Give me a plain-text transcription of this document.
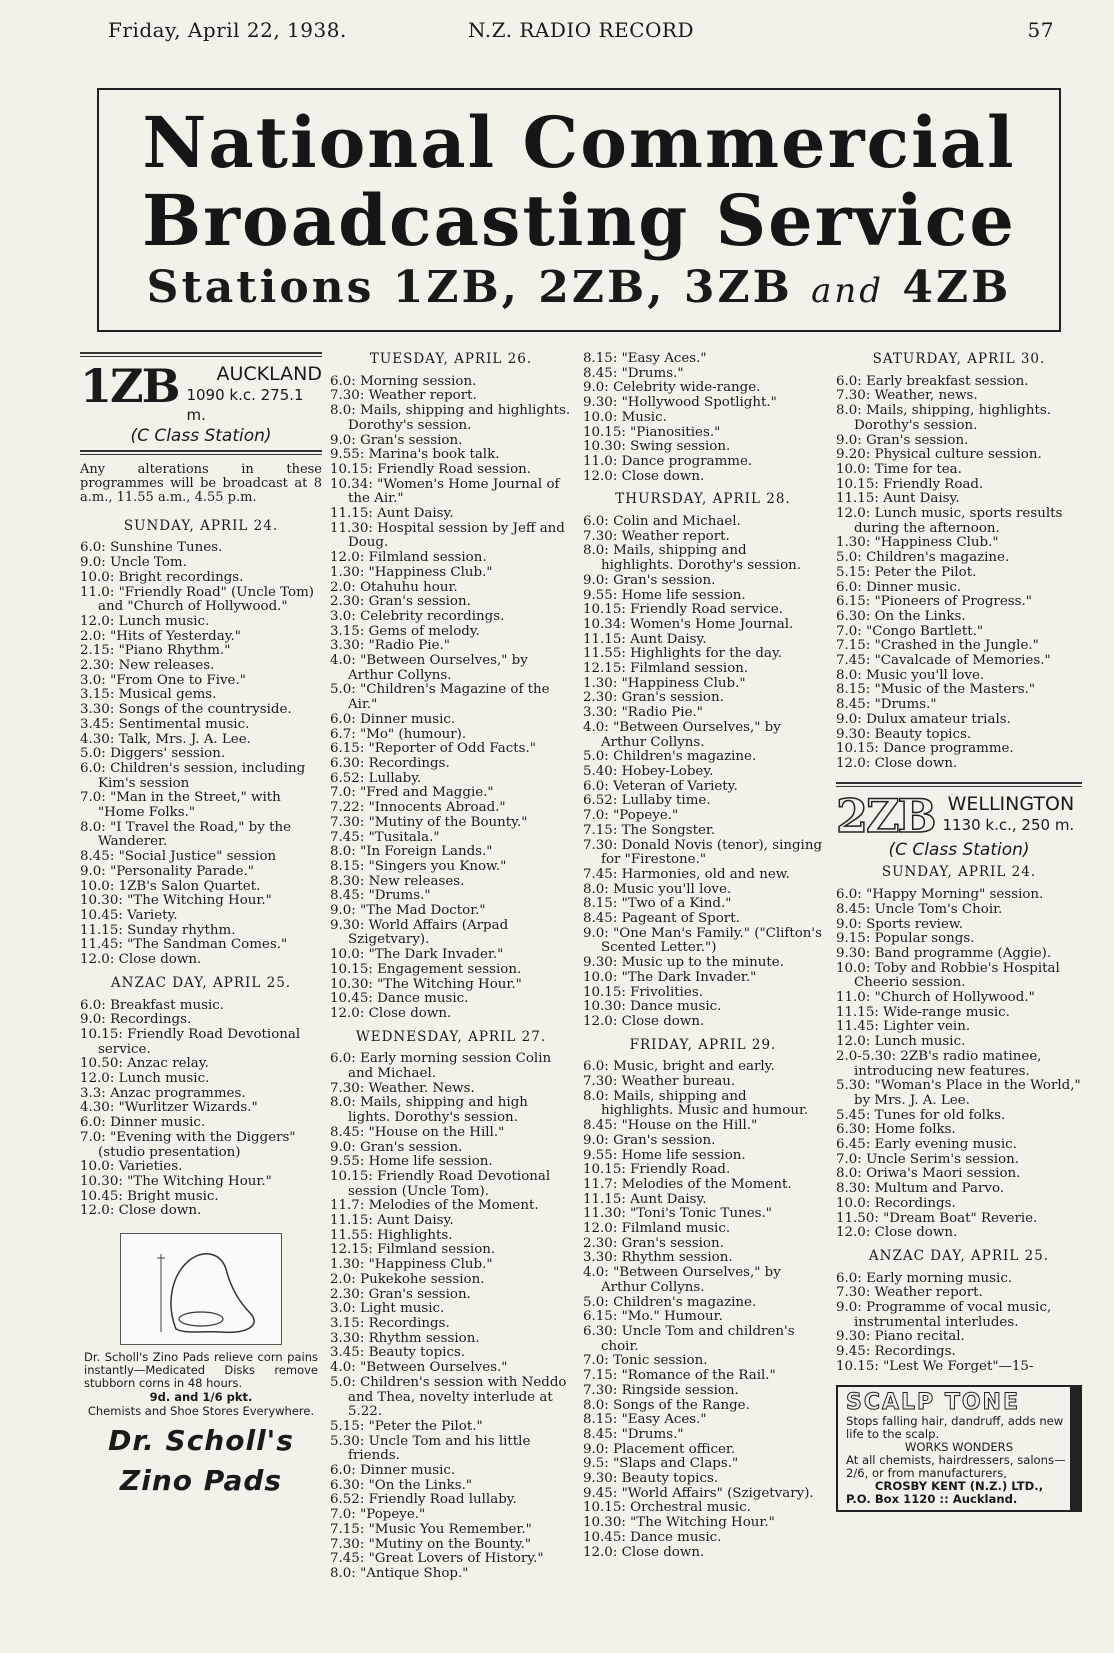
Friday, April 22, 1938.	N.Z. RADIO RECORD	57
National Commercial
Broadcasting Service
Stations 1ZB, 2ZB, 3ZB and 4ZB
1ZB	AUCKLAND
1090 k.c. 275.1 m.
(C Class Station)
Any alterations in these programmes will be broadcast at 8 a.m., 11.55 a.m., 4.55 p.m.
SUNDAY, APRIL 24.
6.0: Sunshine Tunes.
9.0: Uncle Tom.
10.0: Bright recordings.
11.0: "Friendly Road" (Uncle Tom) and "Church of Hollywood."
12.0: Lunch music.
2.0: "Hits of Yesterday."
2.15: "Piano Rhythm."
2.30: New releases.
3.0: "From One to Five."
3.15: Musical gems.
3.30: Songs of the countryside.
3.45: Sentimental music.
4.30: Talk, Mrs. J. A. Lee.
5.0: Diggers' session.
6.0: Children's session, including Kim's session
7.0: "Man in the Street," with "Home Folks."
8.0: "I Travel the Road," by the Wanderer.
8.45: "Social Justice" session
9.0: "Personality Parade."
10.0: 1ZB's Salon Quartet.
10.30: "The Witching Hour."
10.45: Variety.
11.15: Sunday rhythm.
11.45: "The Sandman Comes."
12.0: Close down.
ANZAC DAY, APRIL 25.
6.0: Breakfast music.
9.0: Recordings.
10.15: Friendly Road Devotional service.
10.50: Anzac relay.
12.0: Lunch music.
3.3: Anzac programmes.
4.30: "Wurlitzer Wizards."
6.0: Dinner music.
7.0: "Evening with the Diggers" (studio presentation)
10.0: Varieties.
10.30: "The Witching Hour."
10.45: Bright music.
12.0: Close down.
Dr. Scholl's Zino Pads relieve corn pains instantly—Medicated Disks remove stubborn corns in 48 hours.
9d. and 1/6 pkt.
Chemists and Shoe Stores Everywhere.
Dr. Scholl's
Zino Pads
TUESDAY, APRIL 26.
6.0: Morning session.
7.30: Weather report.
8.0: Mails, shipping and highlights. Dorothy's session.
9.0: Gran's session.
9.55: Marina's book talk.
10.15: Friendly Road session.
10.34: "Women's Home Journal of the Air."
11.15: Aunt Daisy.
11.30: Hospital session by Jeff and Doug.
12.0: Filmland session.
1.30: "Happiness Club."
2.0: Otahuhu hour.
2.30: Gran's session.
3.0: Celebrity recordings.
3.15: Gems of melody.
3.30: "Radio Pie."
4.0: "Between Ourselves," by Arthur Collyns.
5.0: "Children's Magazine of the Air."
6.0: Dinner music.
6.7: "Mo" (humour).
6.15: "Reporter of Odd Facts."
6.30: Recordings.
6.52: Lullaby.
7.0: "Fred and Maggie."
7.22: "Innocents Abroad."
7.30: "Mutiny of the Bounty."
7.45: "Tusitala."
8.0: "In Foreign Lands."
8.15: "Singers you Know."
8.30: New releases.
8.45: "Drums."
9.0: "The Mad Doctor."
9.30: World Affairs (Arpad Szigetvary).
10.0: "The Dark Invader."
10.15: Engagement session.
10.30: "The Witching Hour."
10.45: Dance music.
12.0: Close down.
WEDNESDAY, APRIL 27.
6.0: Early morning session Colin and Michael.
7.30: Weather. News.
8.0: Mails, shipping and high lights. Dorothy's session.
8.45: "House on the Hill."
9.0: Gran's session.
9.55: Home life session.
10.15: Friendly Road Devotional session (Uncle Tom).
11.7: Melodies of the Moment.
11.15: Aunt Daisy.
11.55: Highlights.
12.15: Filmland session.
1.30: "Happiness Club."
2.0: Pukekohe session.
2.30: Gran's session.
3.0: Light music.
3.15: Recordings.
3.30: Rhythm session.
3.45: Beauty topics.
4.0: "Between Ourselves."
5.0: Children's session with Neddo and Thea, novelty interlude at 5.22.
5.15: "Peter the Pilot."
5.30: Uncle Tom and his little friends.
6.0: Dinner music.
6.30: "On the Links."
6.52: Friendly Road lullaby.
7.0: "Popeye."
7.15: "Music You Remember."
7.30: "Mutiny on the Bounty."
7.45: "Great Lovers of History."
8.0: "Antique Shop."
8.15: "Easy Aces."
8.45: "Drums."
9.0: Celebrity wide-range.
9.30: "Hollywood Spotlight."
10.0: Music.
10.15: "Pianosities."
10.30: Swing session.
11.0: Dance programme.
12.0: Close down.
THURSDAY, APRIL 28.
6.0: Colin and Michael.
7.30: Weather report.
8.0: Mails, shipping and highlights. Dorothy's session.
9.0: Gran's session.
9.55: Home life session.
10.15: Friendly Road service.
10.34: Women's Home Journal.
11.15: Aunt Daisy.
11.55: Highlights for the day.
12.15: Filmland session.
1.30: "Happiness Club."
2.30: Gran's session.
3.30: "Radio Pie."
4.0: "Between Ourselves," by Arthur Collyns.
5.0: Children's magazine.
5.40: Hobey-Lobey.
6.0: Veteran of Variety.
6.52: Lullaby time.
7.0: "Popeye."
7.15: The Songster.
7.30: Donald Novis (tenor), singing for "Firestone."
7.45: Harmonies, old and new.
8.0: Music you'll love.
8.15: "Two of a Kind."
8.45: Pageant of Sport.
9.0: "One Man's Family." ("Clifton's Scented Letter.")
9.30: Music up to the minute.
10.0: "The Dark Invader."
10.15: Frivolities.
10.30: Dance music.
12.0: Close down.
FRIDAY, APRIL 29.
6.0: Music, bright and early.
7.30: Weather bureau.
8.0: Mails, shipping and highlights. Music and humour.
8.45: "House on the Hill."
9.0: Gran's session.
9.55: Home life session.
10.15: Friendly Road.
11.7: Melodies of the Moment.
11.15: Aunt Daisy.
11.30: "Toni's Tonic Tunes."
12.0: Filmland music.
2.30: Gran's session.
3.30: Rhythm session.
4.0: "Between Ourselves," by Arthur Collyns.
5.0: Children's magazine.
6.15: "Mo." Humour.
6.30: Uncle Tom and children's choir.
7.0: Tonic session.
7.15: "Romance of the Rail."
7.30: Ringside session.
8.0: Songs of the Range.
8.15: "Easy Aces."
8.45: "Drums."
9.0: Placement officer.
9.5: "Slaps and Claps."
9.30: Beauty topics.
9.45: "World Affairs" (Szigetvary).
10.15: Orchestral music.
10.30: "The Witching Hour."
10.45: Dance music.
12.0: Close down.
SATURDAY, APRIL 30.
6.0: Early breakfast session.
7.30: Weather, news.
8.0: Mails, shipping, highlights. Dorothy's session.
9.0: Gran's session.
9.20: Physical culture session.
10.0: Time for tea.
10.15: Friendly Road.
11.15: Aunt Daisy.
12.0: Lunch music, sports results during the afternoon.
1.30: "Happiness Club."
5.0: Children's magazine.
5.15: Peter the Pilot.
6.0: Dinner music.
6.15: "Pioneers of Progress."
6.30: On the Links.
7.0: "Congo Bartlett."
7.15: "Crashed in the Jungle."
7.45: "Cavalcade of Memories."
8.0: Music you'll love.
8.15: "Music of the Masters."
8.45: "Drums."
9.0: Dulux amateur trials.
9.30: Beauty topics.
10.15: Dance programme.
12.0: Close down.
2ZB WELLINGTON
1130 k.c., 250 m.
(C Class Station)
SUNDAY, APRIL 24.
6.0: "Happy Morning" session.
8.45: Uncle Tom's Choir.
9.0: Sports review.
9.15: Popular songs.
9.30: Band programme (Aggie).
10.0: Toby and Robbie's Hospital Cheerio session.
11.0: "Church of Hollywood."
11.15: Wide-range music.
11.45: Lighter vein.
12.0: Lunch music.
2.0-5.30: 2ZB's radio matinee, introducing new features.
5.30: "Woman's Place in the World," by Mrs. J. A. Lee.
5.45: Tunes for old folks.
6.30: Home folks.
6.45: Early evening music.
7.0: Uncle Serim's session.
8.0: Oriwa's Maori session.
8.30: Multum and Parvo.
10.0: Recordings.
11.50: "Dream Boat" Reverie.
12.0: Close down.
ANZAC DAY, APRIL 25.
6.0: Early morning music.
7.30: Weather report.
9.0: Programme of vocal music, instrumental interludes.
9.30: Piano recital.
9.45: Recordings.
10.15: "Lest We Forget"—15-
SCALP TONE
Stops falling hair, dandruff, adds new life to the scalp.
WORKS WONDERS
At all chemists, hairdressers, salons—2/6, or from manufacturers,
CROSBY KENT (N.Z.) LTD.,
P.O. Box 1120 :: Auckland.
